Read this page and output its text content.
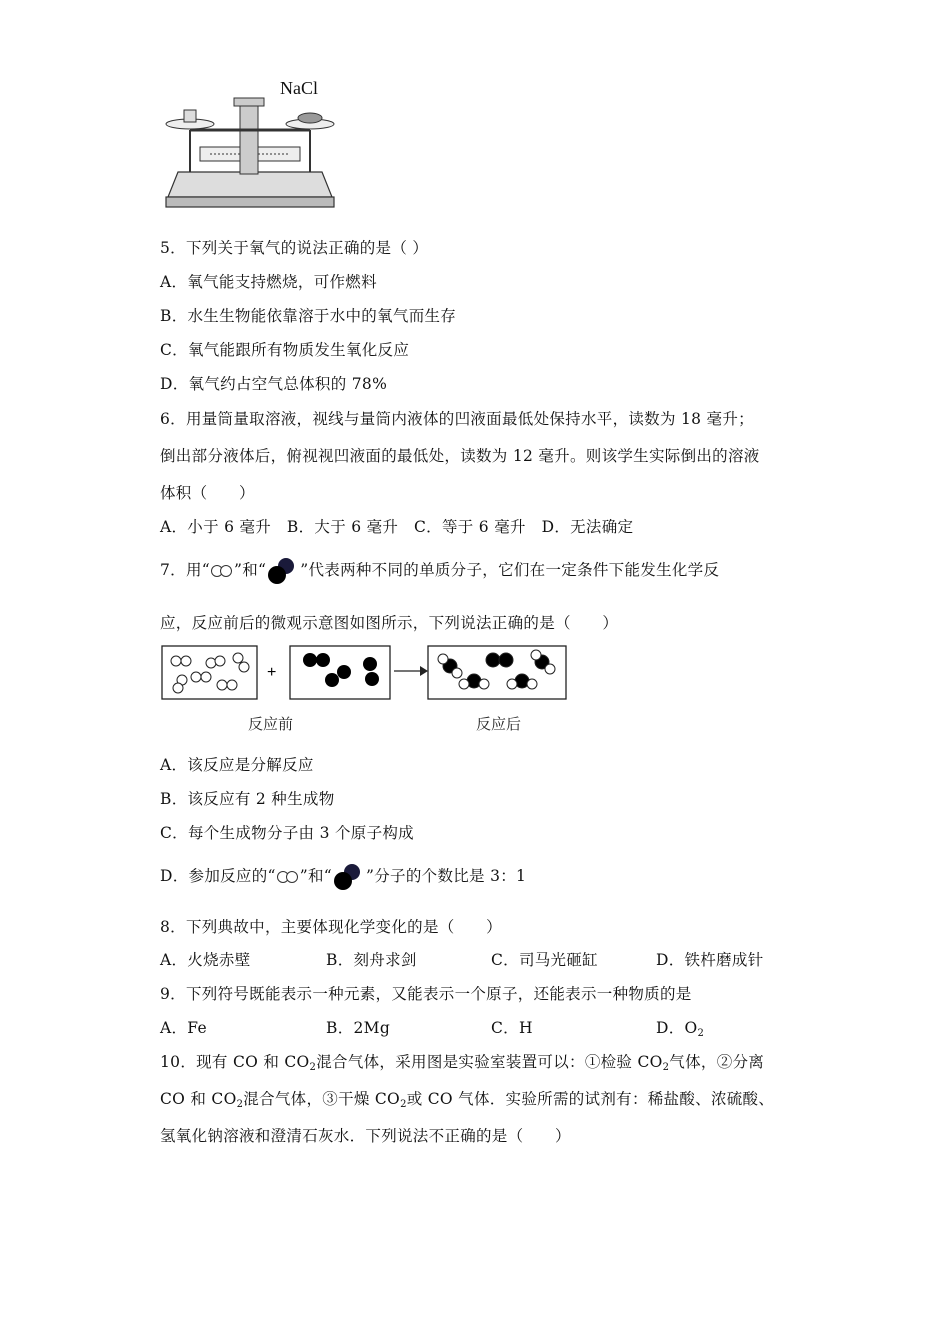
NaCl
5．下列关于氧气的说法正确的是（ ）
A．氧气能支持燃烧，可作燃料
B．水生生物能依靠溶于水中的氧气而生存
C．氧气能跟所有物质发生氧化反应
D．氧气约占空气总体积的 78%
6．用量筒量取溶液，视线与量筒内液体的凹液面最低处保持水平，读数为 18 毫升；
倒出部分液体后，俯视视凹液面的最低处，读数为 12 毫升。则该学生实际倒出的溶液
体积（　　）
A．小于 6 毫升　B．大于 6 毫升　C．等于 6 毫升　D．无法确定
7．用“ ”和“ ”代表两种不同的单质分子，它们在一定条件下能发生化学反
应，反应前后的微观示意图如图所示，下列说法正确的是（　　）
+
反应前	反应后
A．该反应是分解反应
B．该反应有 2 种生成物
C．每个生成物分子由 3 个原子构成
D．参加反应的“ ”和“ ”分子的个数比是 3：1
8．下列典故中，主要体现化学变化的是（　　）
A．火烧赤壁	B．刻舟求剑	C．司马光砸缸	D．铁杵磨成针
9．下列符号既能表示一种元素，又能表示一个原子，还能表示一种物质的是
A．Fe	B．2Mg	C．H	D．$O_2$
10．现有 CO 和 $CO_2$混合气体，采用图是实验室装置可以：①检验 $CO_2$气体，②分离
CO 和 $CO_2$混合气体，③干燥 $CO_2$或 CO 气体．实验所需的试剂有：稀盐酸、浓硫酸、
氢氧化钠溶液和澄清石灰水．下列说法不正确的是（　　）
